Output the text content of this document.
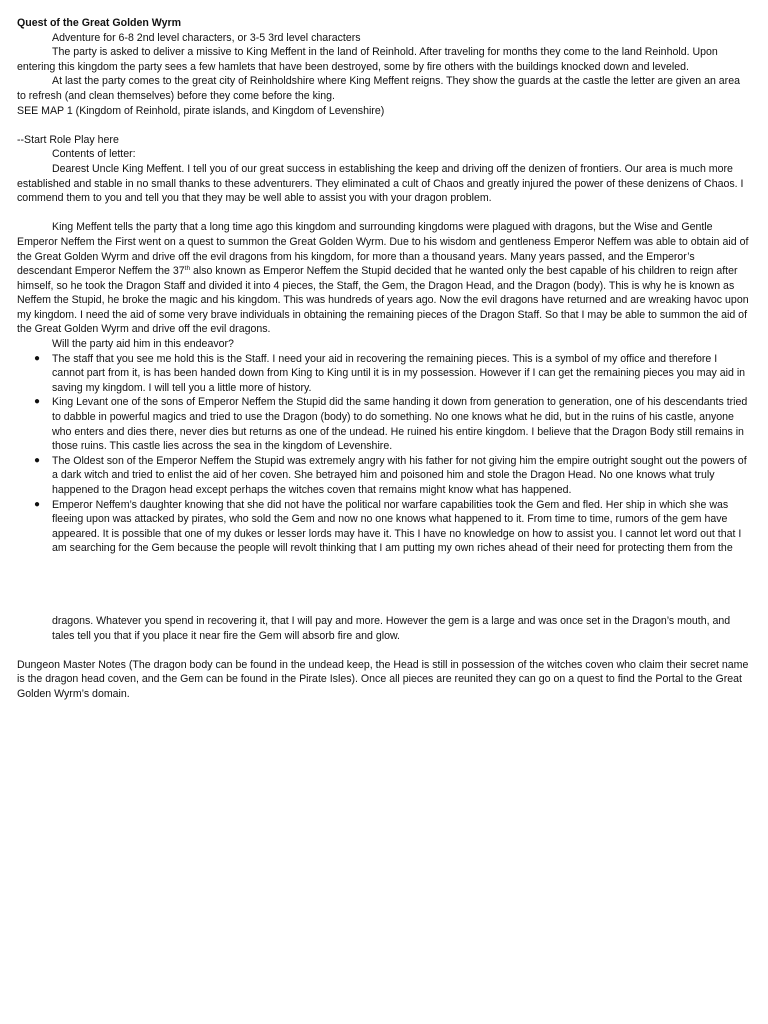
Quest of the Great Golden Wyrm

Adventure for 6-8 2nd level characters, or 3-5 3rd level characters

The party is asked to deliver a missive to King Meffent in the land of Reinhold. After traveling for months they come to the land Reinhold. Upon entering this kingdom the party sees a few hamlets that have been destroyed, some by fire others with the buildings knocked down and leveled.

At last the party comes to the great city of Reinholdshire where King Meffent reigns. They show the guards at the castle the letter are given an area to refresh (and clean themselves) before they come before the king.

SEE MAP 1 (Kingdom of Reinhold, pirate islands, and Kingdom of Levenshire)

--Start Role Play here

Contents of letter:

Dearest Uncle King Meffent. I tell you of our great success in establishing the keep and driving off the denizen of frontiers. Our area is much more established and stable in no small thanks to these adventurers. They eliminated a cult of Chaos and greatly injured the power of these denizens of Chaos. I commend them to you and tell you that they may be well able to assist you with your dragon problem.

King Meffent tells the party that a long time ago this kingdom and surrounding kingdoms were plagued with dragons, but the Wise and Gentle Emperor Neffem the First went on a quest to summon the Great Golden Wyrm. Due to his wisdom and gentleness Emperor Neffem was able to obtain aid of the Great Golden Wyrm and drive off the evil dragons from his kingdom, for more than a thousand years. Many years passed, and the Emperor’s descendant Emperor Neffem the 37th also known as Emperor Neffem the Stupid decided that he wanted only the best capable of his children to reign after himself, so he took the Dragon Staff and divided it into 4 pieces, the Staff, the Gem, the Dragon Head, and the Dragon (body). This is why he is known as Neffem the Stupid, he broke the magic and his kingdom. This was hundreds of years ago. Now the evil dragons have returned and are wreaking havoc upon my kingdom. I need the aid of some very brave individuals in obtaining the remaining pieces of the Dragon Staff. So that I may be able to summon the aid of the Great Golden Wyrm and drive off the evil dragons.

Will the party aid him in this endeavor?

● The staff that you see me hold this is the Staff. I need your aid in recovering the remaining pieces. This is a symbol of my office and therefore I cannot part from it, is has been handed down from King to King until it is in my possession. However if I can get the remaining pieces you may aid in saving my kingdom. I will tell you a little more of history.
● King Levant one of the sons of Emperor Neffem the Stupid did the same handing it down from generation to generation, one of his descendants tried to dabble in powerful magics and tried to use the Dragon (body) to do something. No one knows what he did, but in the ruins of his castle, anyone who enters and dies there, never dies but returns as one of the undead. He ruined his entire kingdom. I believe that the Dragon Body still remains in those ruins. This castle lies across the sea in the kingdom of Levenshire.
● The Oldest son of the Emperor Neffem the Stupid was extremely angry with his father for not giving him the empire outright sought out the powers of a dark witch and tried to enlist the aid of her coven. She betrayed him and poisoned him and stole the Dragon Head. No one knows what truly happened to the Dragon head except perhaps the witches coven that remains might know what has happened.
● Emperor Neffem’s daughter knowing that she did not have the political nor warfare capabilities took the Gem and fled. Her ship in which she was fleeing upon was attacked by pirates, who sold the Gem and now no one knows what happened to it. From time to time, rumors of the gem have appeared. It is possible that one of my dukes or lesser lords may have it. This I have no knowledge on how to assist you. I cannot let word out that I am searching for the Gem because the people will revolt thinking that I am putting my own riches ahead of their need for protecting them from the

dragons. Whatever you spend in recovering it, that I will pay and more. However the gem is a large and was once set in the Dragon’s mouth, and tales tell you that if you place it near fire the Gem will absorb fire and glow.

Dungeon Master Notes (The dragon body can be found in the undead keep, the Head is still in possession of the witches coven who claim their secret name is the dragon head coven, and the Gem can be found in the Pirate Isles). Once all pieces are reunited they can go on a quest to find the Portal to the Great Golden Wyrm’s domain.
